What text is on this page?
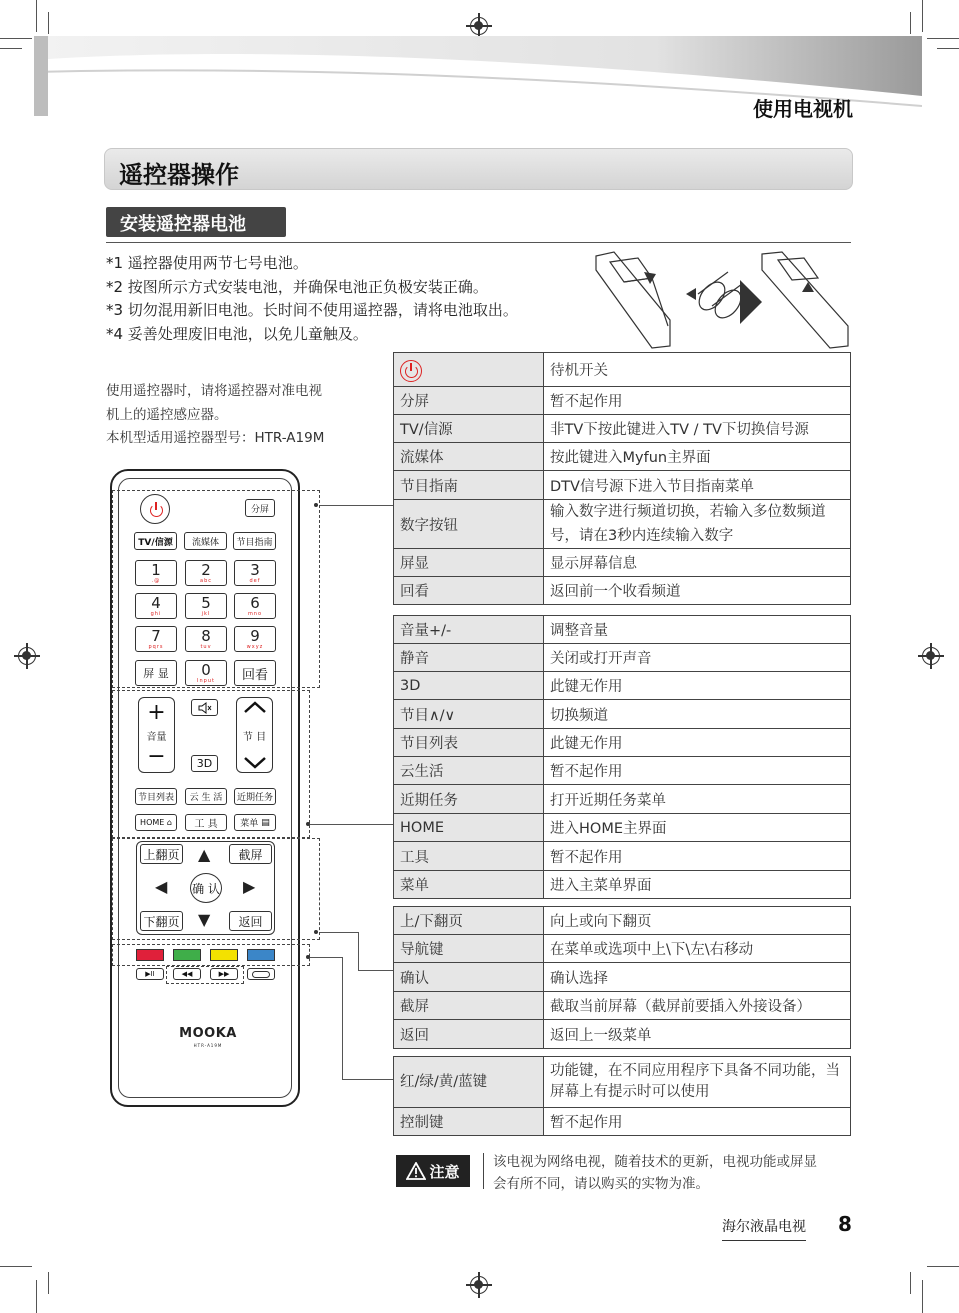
使用电视机
遥控器操作
安装遥控器电池
*1 遥控器使用两节七号电池。
*2 按图所示方式安装电池，并确保电池正负极安装正确。
*3 切勿混用新旧电池。长时间不使用遥控器，请将电池取出。
*4 妥善处理废旧电池，以免儿童触及。
使用遥控器时，请将遥控器对准电视
机上的遥控感应器。
本机型适用遥控器型号：HTR-A19M
	待机开关
分屏	暂不起作用
TV/信源	非TV下按此键进入TV / TV下切换信号源
流媒体	按此键进入Myfun主界面
节目指南	DTV信号源下进入节目指南菜单
数字按钮	输入数字进行频道切换，若输入多位数频道号，请在3秒内连续输入数字
屏显	显示屏幕信息
回看	返回前一个收看频道
音量+/-	调整音量
静音	关闭或打开声音
3D	此键无作用
节目∧/∨	切换频道
节目列表	此键无作用
云生活	暂不起作用
近期任务	打开近期任务菜单
HOME	进入HOME主界面
工具	暂不起作用
菜单	进入主菜单界面
上/下翻页	向上或向下翻页
导航键	在菜单或选项中上\下\左\右移动
确认	确认选择
截屏	截取当前屏幕（截屏前要插入外接设备）
返回	返回上一级菜单
红/绿/黄/蓝键	功能键，在不同应用程序下具备不同功能，当屏幕上有提示时可以使用
控制键	暂不起作用
分屏
TV/信源	流媒体	节目指南
1
.@
2
abc
3
def
4
ghi
5
jkl
6
mno
7
pqrs
8
tuv
9
wxyz
屏 显	0
Input	回看
+
音量
−	3D
节 目
节目列表	云 生 活	近期任务
HOME
⌂	工 具	菜单
▤
上翻页 ▲	截屏
◀ 确 认 ▶
下翻页 ▼	返回
▶II	◀◀	▶▶
MOOKA
HTR-A19M
注意
该电视为网络电视，随着技术的更新，电视功能或屏显
会有所不同，请以购买的实物为准。
海尔液晶电视 8
